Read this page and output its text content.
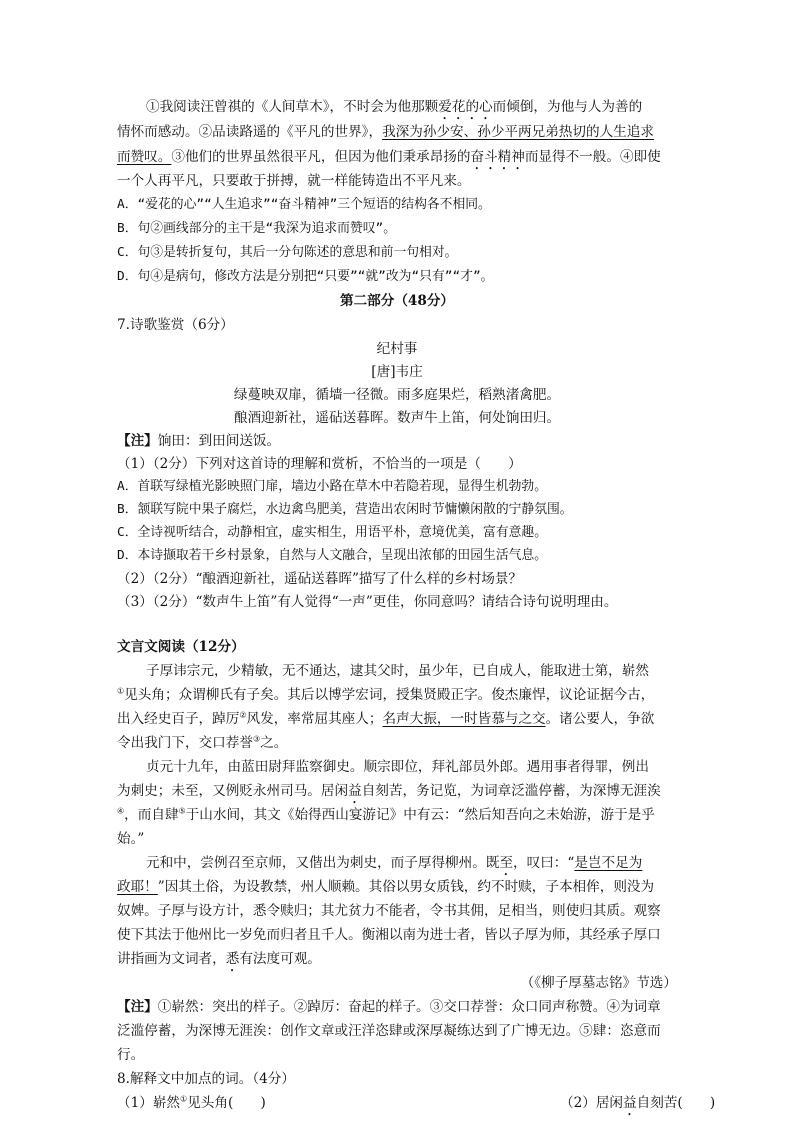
①我阅读汪曾祺的《人间草木》，不时会为他那颗爱花的心而倾倒，为他与人为善的
情怀而感动。②品读路遥的《平凡的世界》，我深为孙少安、孙少平两兄弟热切的人生追求
而赞叹。③他们的世界虽然很平凡，但因为他们秉承昂扬的奋斗精神而显得不一般。④即使
一个人再平凡，只要敢于拼搏，就一样能铸造出不平凡来。
A．“爱花的心”“人生追求”“奋斗精神”三个短语的结构各不相同。
B．句②画线部分的主干是“我深为追求而赞叹”。
C．句③是转折复句，其后一分句陈述的意思和前一句相对。
D．句④是病句，修改方法是分别把“只要”“就”改为“只有”“才”。
第二部分（48分）
7.诗歌鉴赏（6分）
纪村事
[唐]韦庄
绿蔓映双扉，循墙一径微。雨多庭果烂，稻熟渚禽肥。
酿酒迎新社，遥砧送暮晖。数声牛上笛，何处饷田归。
【注】饷田：到田间送饭。
（1）（2分）下列对这首诗的理解和赏析，不恰当的一项是（　　）
A．首联写绿植光影映照门扉，墙边小路在草木中若隐若现，显得生机勃勃。
B．颔联写院中果子腐烂，水边禽鸟肥美，营造出农闲时节慵懒闲散的宁静氛围。
C．全诗视听结合，动静相宜，虚实相生，用语平朴，意境优美，富有意趣。
D．本诗撷取若干乡村景象，自然与人文融合，呈现出浓郁的田园生活气息。
（2）（2分）“酿酒迎新社，遥砧送暮晖”描写了什么样的乡村场景？
（3）（2分）“数声牛上笛”有人觉得“一声”更佳，你同意吗？请结合诗句说明理由。
文言文阅读（12分）
子厚讳宗元，少精敏，无不通达，逮其父时，虽少年，已自成人，能取进士第，崭然
①见头角；众谓柳氏有子矣。其后以博学宏词，授集贤殿正字。俊杰廉悍，议论证据今古，
出入经史百子，踔厉②风发，率常屈其座人；名声大振，一时皆慕与之交。诸公要人，争欲
令出我门下，交口荐誉③之。
贞元十九年，由蓝田尉拜监察御史。顺宗即位，拜礼部员外郎。遇用事者得罪，例出
为刺史；未至，又例贬永州司马。居闲益自刻苦，务记览，为词章泛滥停蓄，为深博无涯涘
④，而自肆⑤于山水间，其文《始得西山宴游记》中有云：“然后知吾向之未始游，游于是乎
始。”
元和中，尝例召至京师，又偕出为刺史，而子厚得柳州。既至，叹曰：“是岂不足为
政耶！”因其土俗，为设教禁，州人顺赖。其俗以男女质钱，约不时赎，子本相侔，则没为
奴婢。子厚与设方计，悉令赎归；其尤贫力不能者，令书其佣，足相当，则使归其质。观察
使下其法于他州比一岁免而归者且千人。衡湘以南为进士者，皆以子厚为师，其经承子厚口
讲指画为文词者，悉有法度可观。
（《柳子厚墓志铭》节选）
【注】①崭然：突出的样子。②踔厉：奋起的样子。③交口荐誉：众口同声称赞。④为词章
泛滥停蓄，为深博无涯涘：创作文章或汪洋恣肆或深厚凝练达到了广博无边。⑤肆：恣意而
行。
8.解释文中加点的词。（4分）
（1）崭然①见头角(　　)	（2）居闲益自刻苦(　　)
